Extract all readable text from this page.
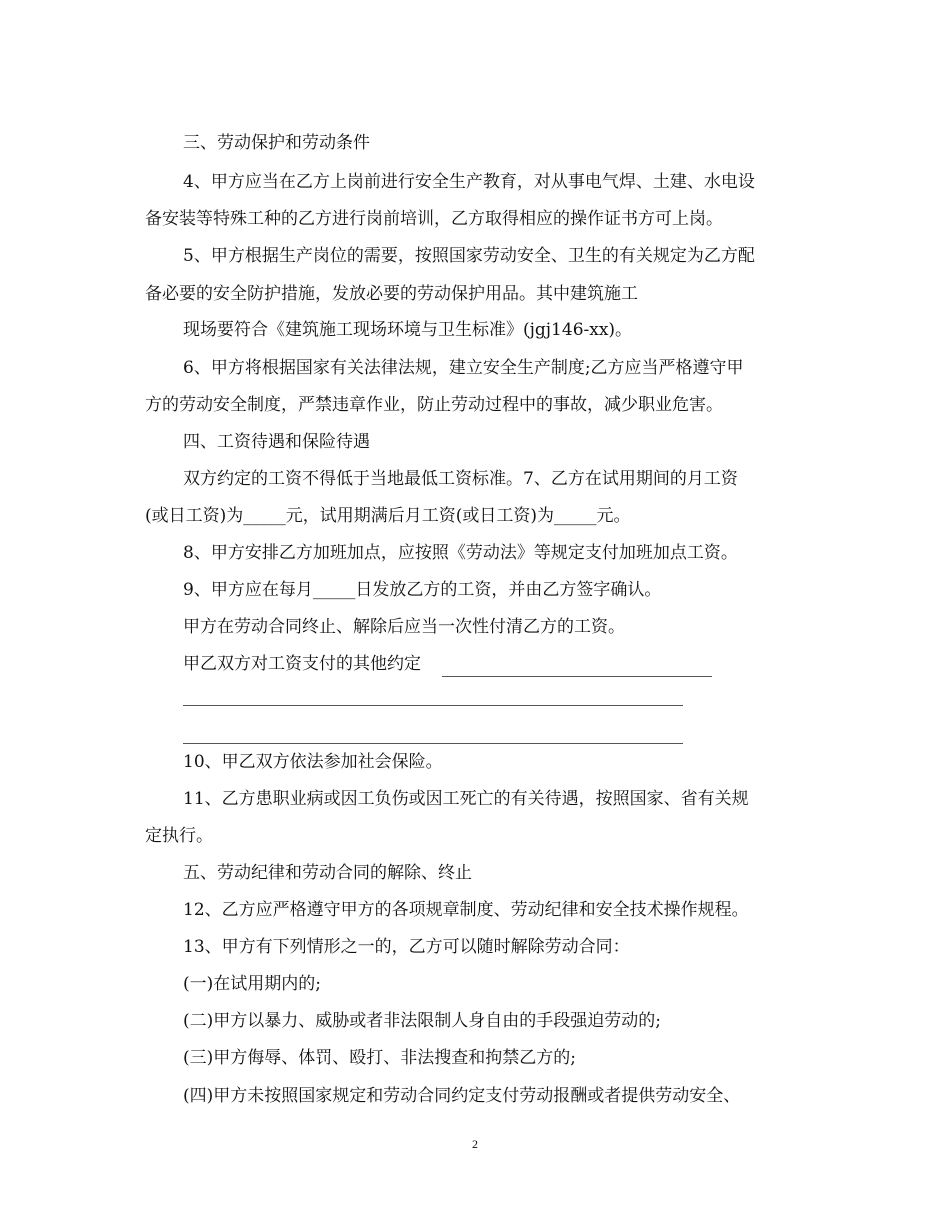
三、劳动保护和劳动条件
4、甲方应当在乙方上岗前进行安全生产教育，对从事电气焊、土建、水电设
备安装等特殊工种的乙方进行岗前培训，乙方取得相应的操作证书方可上岗。
5、甲方根据生产岗位的需要，按照国家劳动安全、卫生的有关规定为乙方配
备必要的安全防护措施，发放必要的劳动保护用品。其中建筑施工
现场要符合《建筑施工现场环境与卫生标准》(jgj146-xx)。
6、甲方将根据国家有关法律法规，建立安全生产制度;乙方应当严格遵守甲
方的劳动安全制度，严禁违章作业，防止劳动过程中的事故，减少职业危害。
四、工资待遇和保险待遇
双方约定的工资不得低于当地最低工资标准。7、乙方在试用期间的月工资
(或日工资)为_____元，试用期满后月工资(或日工资)为_____元。
8、甲方安排乙方加班加点，应按照《劳动法》等规定支付加班加点工资。
9、甲方应在每月_____日发放乙方的工资，并由乙方签字确认。
甲方在劳动合同终止、解除后应当一次性付清乙方的工资。
甲乙双方对工资支付的其他约定
10、甲乙双方依法参加社会保险。
11、乙方患职业病或因工负伤或因工死亡的有关待遇，按照国家、省有关规
定执行。
五、劳动纪律和劳动合同的解除、终止
12、乙方应严格遵守甲方的各项规章制度、劳动纪律和安全技术操作规程。
13、甲方有下列情形之一的，乙方可以随时解除劳动合同：
(一)在试用期内的;
(二)甲方以暴力、威胁或者非法限制人身自由的手段强迫劳动的;
(三)甲方侮辱、体罚、殴打、非法搜查和拘禁乙方的;
(四)甲方未按照国家规定和劳动合同约定支付劳动报酬或者提供劳动安全、
2
